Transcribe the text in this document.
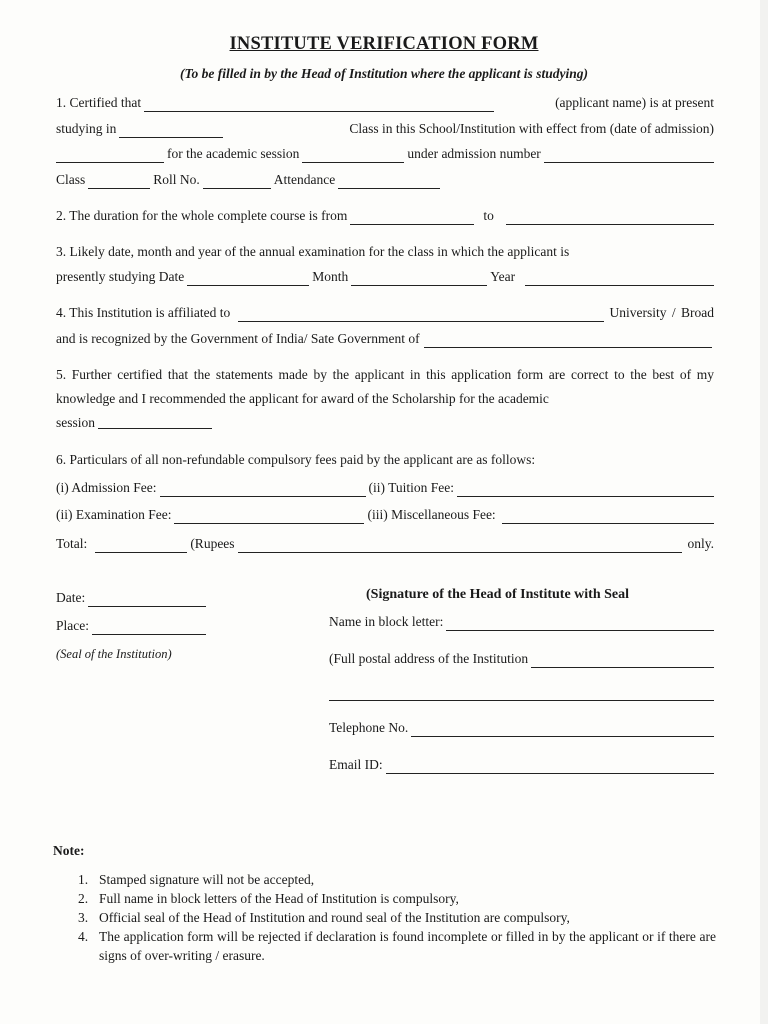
INSTITUTE VERIFICATION FORM
(To be filled in by the Head of Institution where the applicant is studying)
1. Certified that	(applicant name) is at present
studying in	Class in this School/Institution with effect from (date of admission)
for the academic session	under admission number
Class	Roll No.	Attendance
2. The duration for the whole complete course is from	to
3. Likely date, month and year of the annual examination for the class in which the applicant is
presently studying Date	Month	Year
4. This Institution is affiliated to	University / Broad
and is recognized by the Government of India/ Sate Government of
5. Further certified that the statements made by the applicant in this application form are correct to the best of my knowledge and I recommended the applicant for award of the Scholarship for the academic
session
6. Particulars of all non-refundable compulsory fees paid by the applicant are as follows:
(i) Admission Fee:	(ii) Tuition Fee:
(ii) Examination Fee:	(iii) Miscellaneous Fee:
Total:	(Rupees	only.
Date:
Place:
(Seal of the Institution)
(Signature of the Head of Institute with Seal
Name in block letter:
(Full postal address of the Institution
Telephone No.
Email ID:
Note:
1. Stamped signature will not be accepted,
2. Full name in block letters of the Head of Institution is compulsory,
3. Official seal of the Head of Institution and round seal of the Institution are compulsory,
4. The application form will be rejected if declaration is found incomplete or filled in by the applicant or if there are signs of over-writing / erasure.
